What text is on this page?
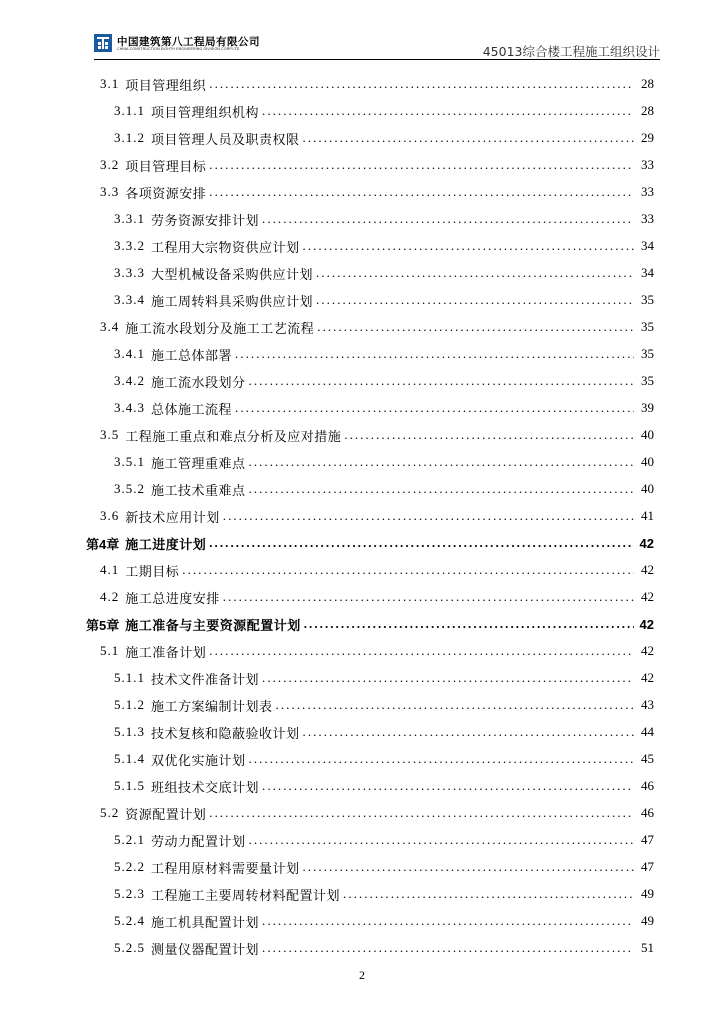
中国建筑第八工程局有限公司
CHINA CONSTRUCTION EIGHTH ENGINEERING DIVISION CORP.LTD	45013综合楼工程施工组织设计
3.1 项目管理组织 . . .	28
3.1.1 项目管理组织机构 . . .	28
3.1.2 项目管理人员及职责权限 . . .	29
3.2 项目管理目标 . . .	33
3.3 各项资源安排 . . .	33
3.3.1 劳务资源安排计划 . . .	33
3.3.2 工程用大宗物资供应计划 . . .	34
3.3.3 大型机械设备采购供应计划 . . .	34
3.3.4 施工周转料具采购供应计划 . . .	35
3.4 施工流水段划分及施工工艺流程 . . .	35
3.4.1 施工总体部署 . . .	35
3.4.2 施工流水段划分 . . .	35
3.4.3 总体施工流程 . . .	39
3.5 工程施工重点和难点分析及应对措施 . . .	40
3.5.1 施工管理重难点 . . .	40
3.5.2 施工技术重难点 . . .	40
3.6 新技术应用计划 . . .	41
第4章 施工进度计划 . . .	42
4.1 工期目标 . . .	42
4.2 施工总进度安排 . . .	42
第5章 施工准备与主要资源配置计划 . . .	42
5.1 施工准备计划 . . .	42
5.1.1 技术文件准备计划 . . .	42
5.1.2 施工方案编制计划表 . . .	43
5.1.3 技术复核和隐蔽验收计划 . . .	44
5.1.4 双优化实施计划 . . .	45
5.1.5 班组技术交底计划 . . .	46
5.2 资源配置计划 . . .	46
5.2.1 劳动力配置计划 . . .	47
5.2.2 工程用原材料需要量计划 . . .	47
5.2.3 工程施工主要周转材料配置计划 . . .	49
5.2.4 施工机具配置计划 . . .	49
5.2.5 测量仪器配置计划 . . .	51
2
